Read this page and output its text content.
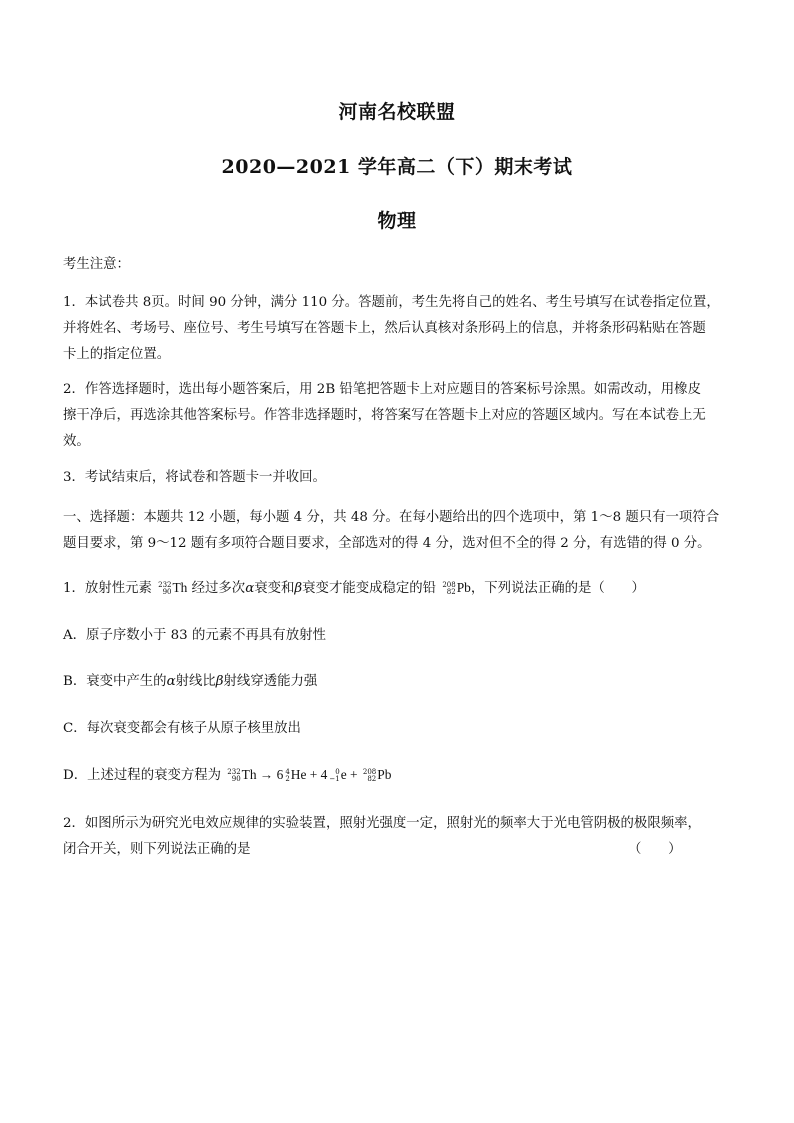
河南名校联盟
2020—2021 学年高二（下）期末考试
物理
考生注意：
1．本试卷共 8页。时间 90 分钟，满分 110 分。答题前，考生先将自己的姓名、考生号填写在试卷指定位置，
并将姓名、考场号、座位号、考生号填写在答题卡上，然后认真核对条形码上的信息，并将条形码粘贴在答题
卡上的指定位置。
2．作答选择题时，选出每小题答案后，用 2B 铅笔把答题卡上对应题目的答案标号涂黑。如需改动，用橡皮
擦干净后，再选涂其他答案标号。作答非选择题时，将答案写在答题卡上对应的答题区域内。写在本试卷上无
效。
3．考试结束后，将试卷和答题卡一并收回。
一、选择题：本题共 12 小题，每小题 4 分，共 48 分。在每小题给出的四个选项中，第 1～8 题只有一项符合
题目要求，第 9～12 题有多项符合题目要求，全部选对的得 4 分，选对但不全的得 2 分，有选错的得 0 分。
1．放射性元素 232
90 Th 经过多次α衰变和β衰变才能变成稳定的铅 208
82 Pb，下列说法正确的是（　　）
A．原子序数小于 83 的元素不再具有放射性
B．衰变中产生的α射线比β射线穿透能力强
C．每次衰变都会有核子从原子核里放出
D．上述过程的衰变方程为 232
90 Th → 6 4
2 He + 4	0
−1 e + 208
82 Pb
2．如图所示为研究光电效应规律的实验装置，照射光强度一定，照射光的频率大于光电管阴极的极限频率，
闭合开关，则下列说法正确的是	（　　）
